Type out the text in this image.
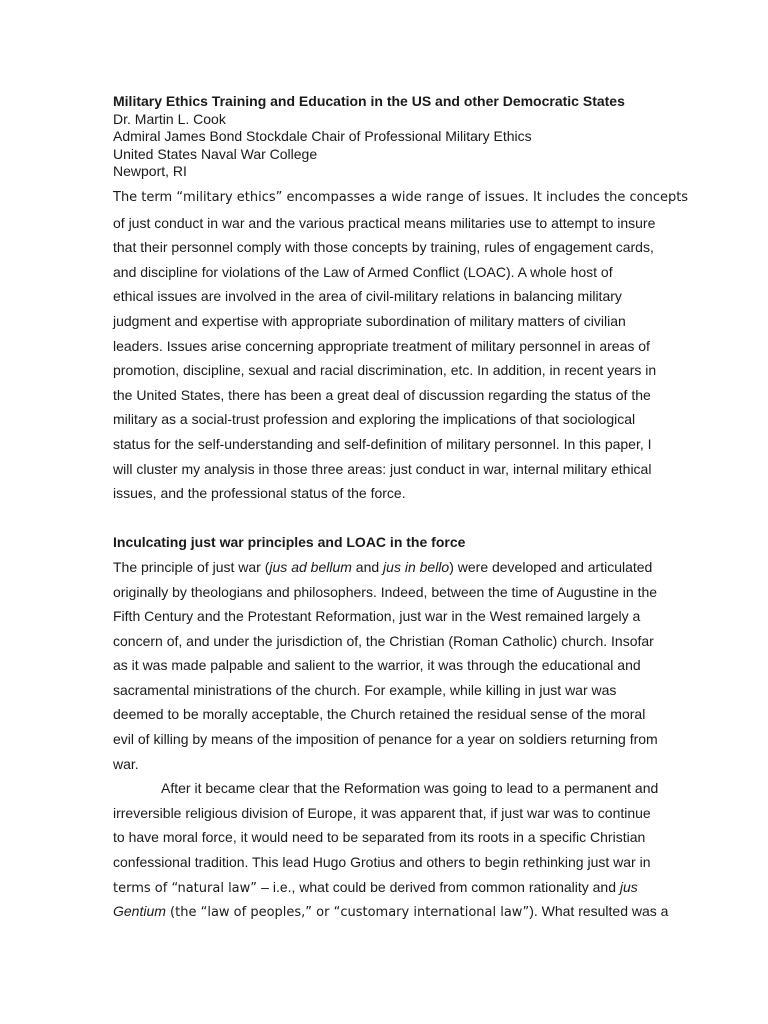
Military Ethics Training and Education in the US and other Democratic States
Dr. Martin L. Cook
Admiral James Bond Stockdale Chair of Professional Military Ethics
United States Naval War College
Newport, RI
The term “military ethics” encompasses a wide range of issues. It includes the concepts
of just conduct in war and the various practical means militaries use to attempt to insure
that their personnel comply with those concepts by training, rules of engagement cards,
and discipline for violations of the Law of Armed Conflict (LOAC). A whole host of
ethical issues are involved in the area of civil-military relations in balancing military
judgment and expertise with appropriate subordination of military matters of civilian
leaders. Issues arise concerning appropriate treatment of military personnel in areas of
promotion, discipline, sexual and racial discrimination, etc. In addition, in recent years in
the United States, there has been a great deal of discussion regarding the status of the
military as a social-trust profession and exploring the implications of that sociological
status for the self-understanding and self-definition of military personnel. In this paper, I
will cluster my analysis in those three areas: just conduct in war, internal military ethical
issues, and the professional status of the force.
Inculcating just war principles and LOAC in the force
The principle of just war (jus ad bellum and jus in bello) were developed and articulated
originally by theologians and philosophers. Indeed, between the time of Augustine in the
Fifth Century and the Protestant Reformation, just war in the West remained largely a
concern of, and under the jurisdiction of, the Christian (Roman Catholic) church. Insofar
as it was made palpable and salient to the warrior, it was through the educational and
sacramental ministrations of the church. For example, while killing in just war was
deemed to be morally acceptable, the Church retained the residual sense of the moral
evil of killing by means of the imposition of penance for a year on soldiers returning from
war.
After it became clear that the Reformation was going to lead to a permanent and
irreversible religious division of Europe, it was apparent that, if just war was to continue
to have moral force, it would need to be separated from its roots in a specific Christian
confessional tradition. This lead Hugo Grotius and others to begin rethinking just war in
terms of “natural law” – i.e., what could be derived from common rationality and jus
Gentium (the “law of peoples,” or “customary international law”). What resulted was a
